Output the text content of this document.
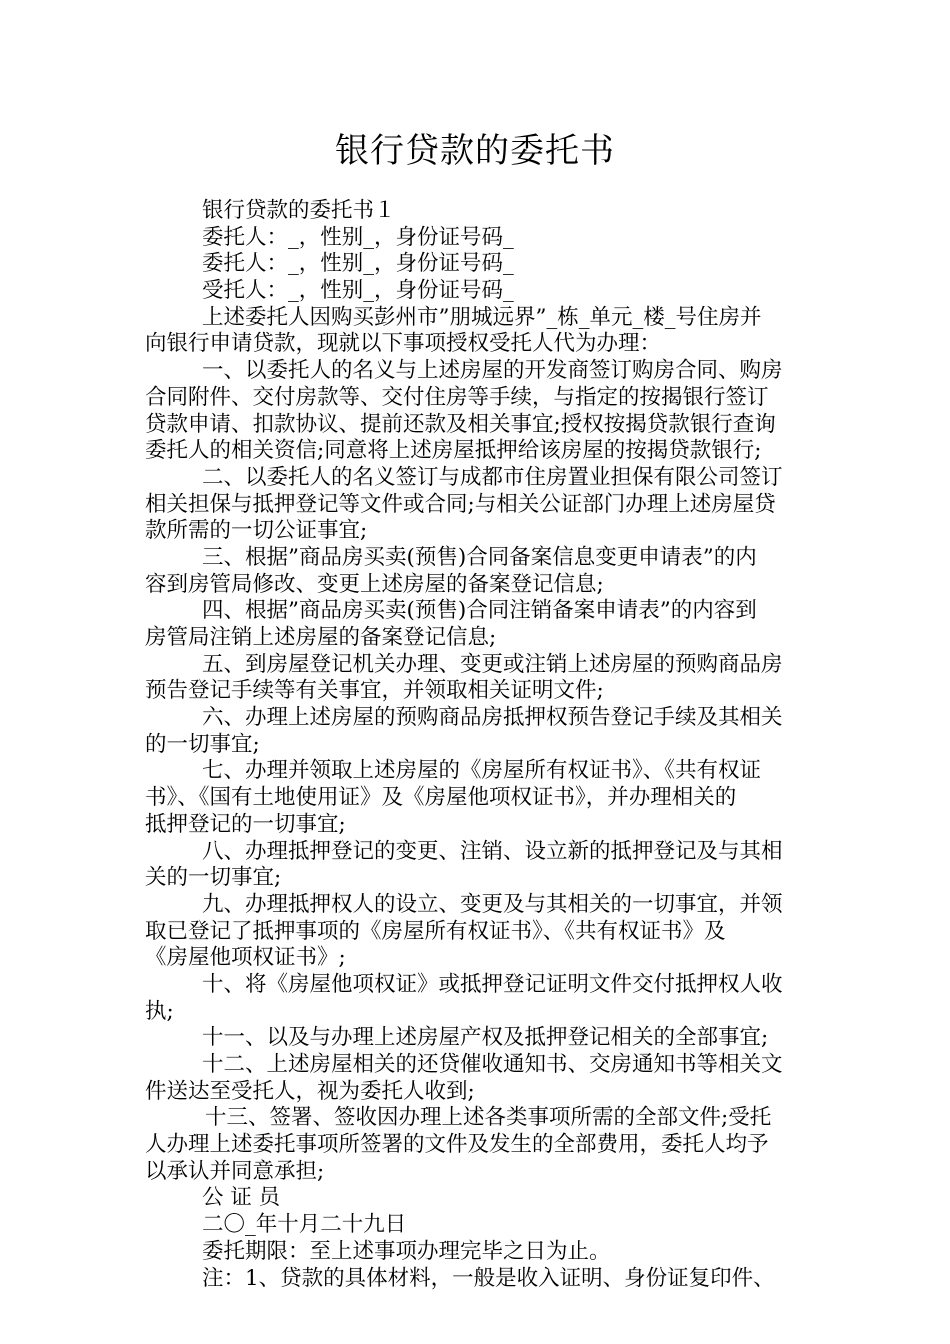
银行贷款的委托书
银行贷款的委托书１
委托人：_，性别_，身份证号码_
委托人：_，性别_，身份证号码_
受托人：_，性别_，身份证号码_
上述委托人因购买彭州市”朋城远界”_栋_单元_楼_号住房并
向银行申请贷款，现就以下事项授权受托人代为办理：
一、以委托人的名义与上述房屋的开发商签订购房合同、购房
合同附件、交付房款等、交付住房等手续，与指定的按揭银行签订
贷款申请、扣款协议、提前还款及相关事宜;授权按揭贷款银行查询
委托人的相关资信;同意将上述房屋抵押给该房屋的按揭贷款银行;
二、以委托人的名义签订与成都市住房置业担保有限公司签订
相关担保与抵押登记等文件或合同;与相关公证部门办理上述房屋贷
款所需的一切公证事宜;
三、根据”商品房买卖(预售)合同备案信息变更申请表”的内
容到房管局修改、变更上述房屋的备案登记信息;
四、根据”商品房买卖(预售)合同注销备案申请表”的内容到
房管局注销上述房屋的备案登记信息;
五、到房屋登记机关办理、变更或注销上述房屋的预购商品房
预告登记手续等有关事宜，并领取相关证明文件;
六、办理上述房屋的预购商品房抵押权预告登记手续及其相关
的一切事宜;
七、办理并领取上述房屋的《房屋所有权证书》、《共有权证
书》、《国有土地使用证》及《房屋他项权证书》，并办理相关的
抵押登记的一切事宜;
八、办理抵押登记的变更、注销、设立新的抵押登记及与其相
关的一切事宜;
九、办理抵押权人的设立、变更及与其相关的一切事宜，并领
取已登记了抵押事项的《房屋所有权证书》、《共有权证书》及
《房屋他项权证书》;
十、将《房屋他项权证》或抵押登记证明文件交付抵押权人收
执;
十一、以及与办理上述房屋产权及抵押登记相关的全部事宜;
十二、上述房屋相关的还贷催收通知书、交房通知书等相关文
件送达至受托人，视为委托人收到;
十三、签署、签收因办理上述各类事项所需的全部文件;受托
人办理上述委托事项所签署的文件及发生的全部费用，委托人均予
以承认并同意承担;
公 证 员
二〇_年十月二十九日
委托期限：至上述事项办理完毕之日为止。
注：1、贷款的具体材料，一般是收入证明、身份证复印件、
